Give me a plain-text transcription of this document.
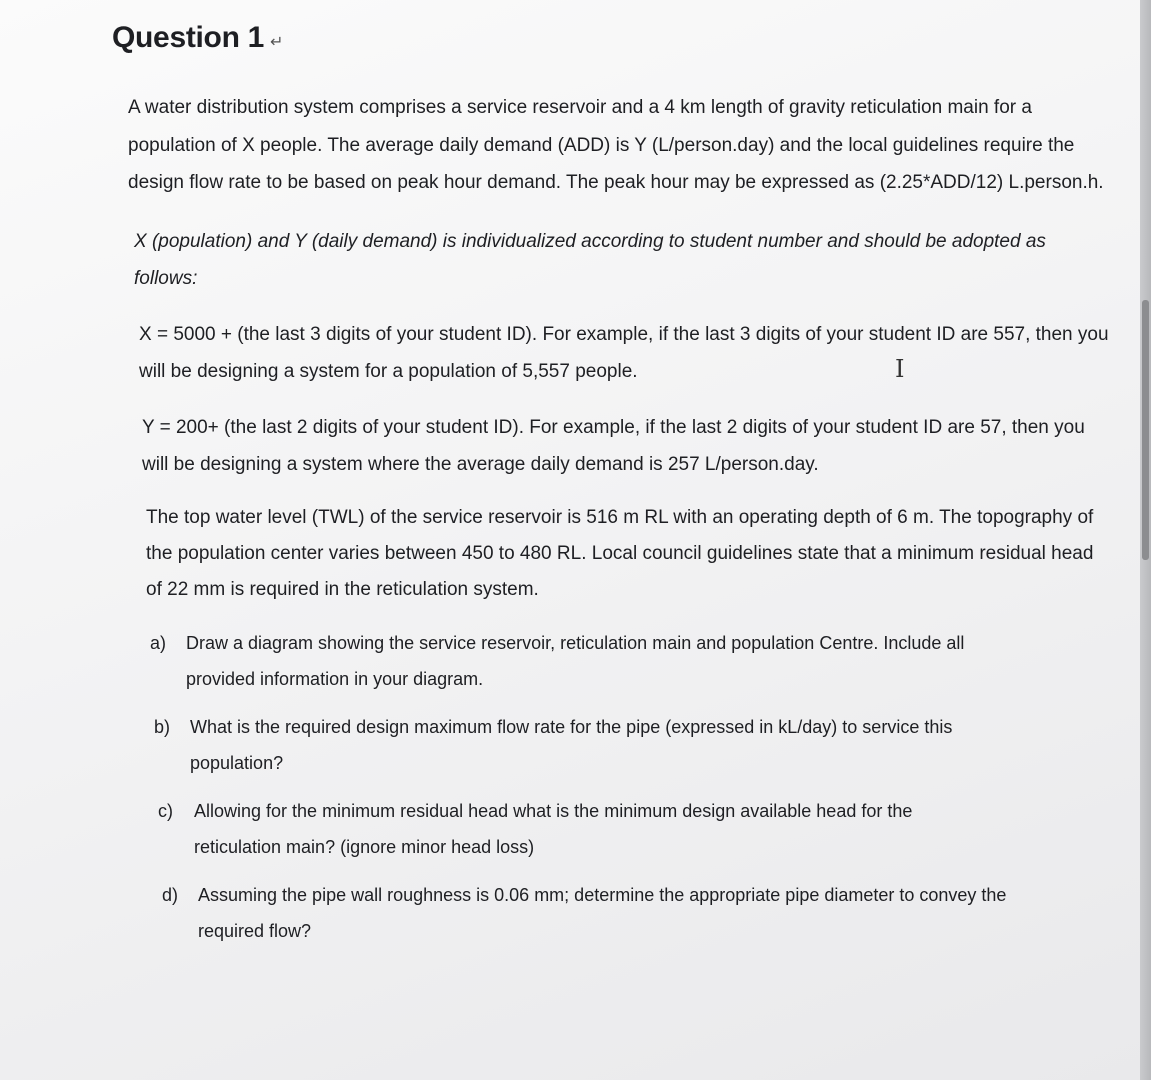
Question 1 ↵

A water distribution system comprises a service reservoir and a 4 km length of gravity reticulation main for a population of X people. The average daily demand (ADD) is Y (L/person.day) and the local guidelines require the design flow rate to be based on peak hour demand. The peak hour may be expressed as (2.25*ADD/12) L.person.h.

X (population) and Y (daily demand) is individualized according to student number and should be adopted as follows:

X = 5000 + (the last 3 digits of your student ID). For example, if the last 3 digits of your student ID are 557, then you will be designing a system for a population of 5,557 people.

Y = 200+ (the last 2 digits of your student ID). For example, if the last 2 digits of your student ID are 57, then you will be designing a system where the average daily demand is 257 L/person.day.

The top water level (TWL) of the service reservoir is 516 m RL with an operating depth of 6 m. The topography of the population center varies between 450 to 480 RL. Local council guidelines state that a minimum residual head of 22 mm is required in the reticulation system.

a)	Draw a diagram showing the service reservoir, reticulation main and population Centre. Include all provided information in your diagram.
b)	What is the required design maximum flow rate for the pipe (expressed in kL/day) to service this population?
c)	Allowing for the minimum residual head what is the minimum design available head for the reticulation main? (ignore minor head loss)
d)	Assuming the pipe wall roughness is 0.06 mm; determine the appropriate pipe diameter to convey the required flow?
I
